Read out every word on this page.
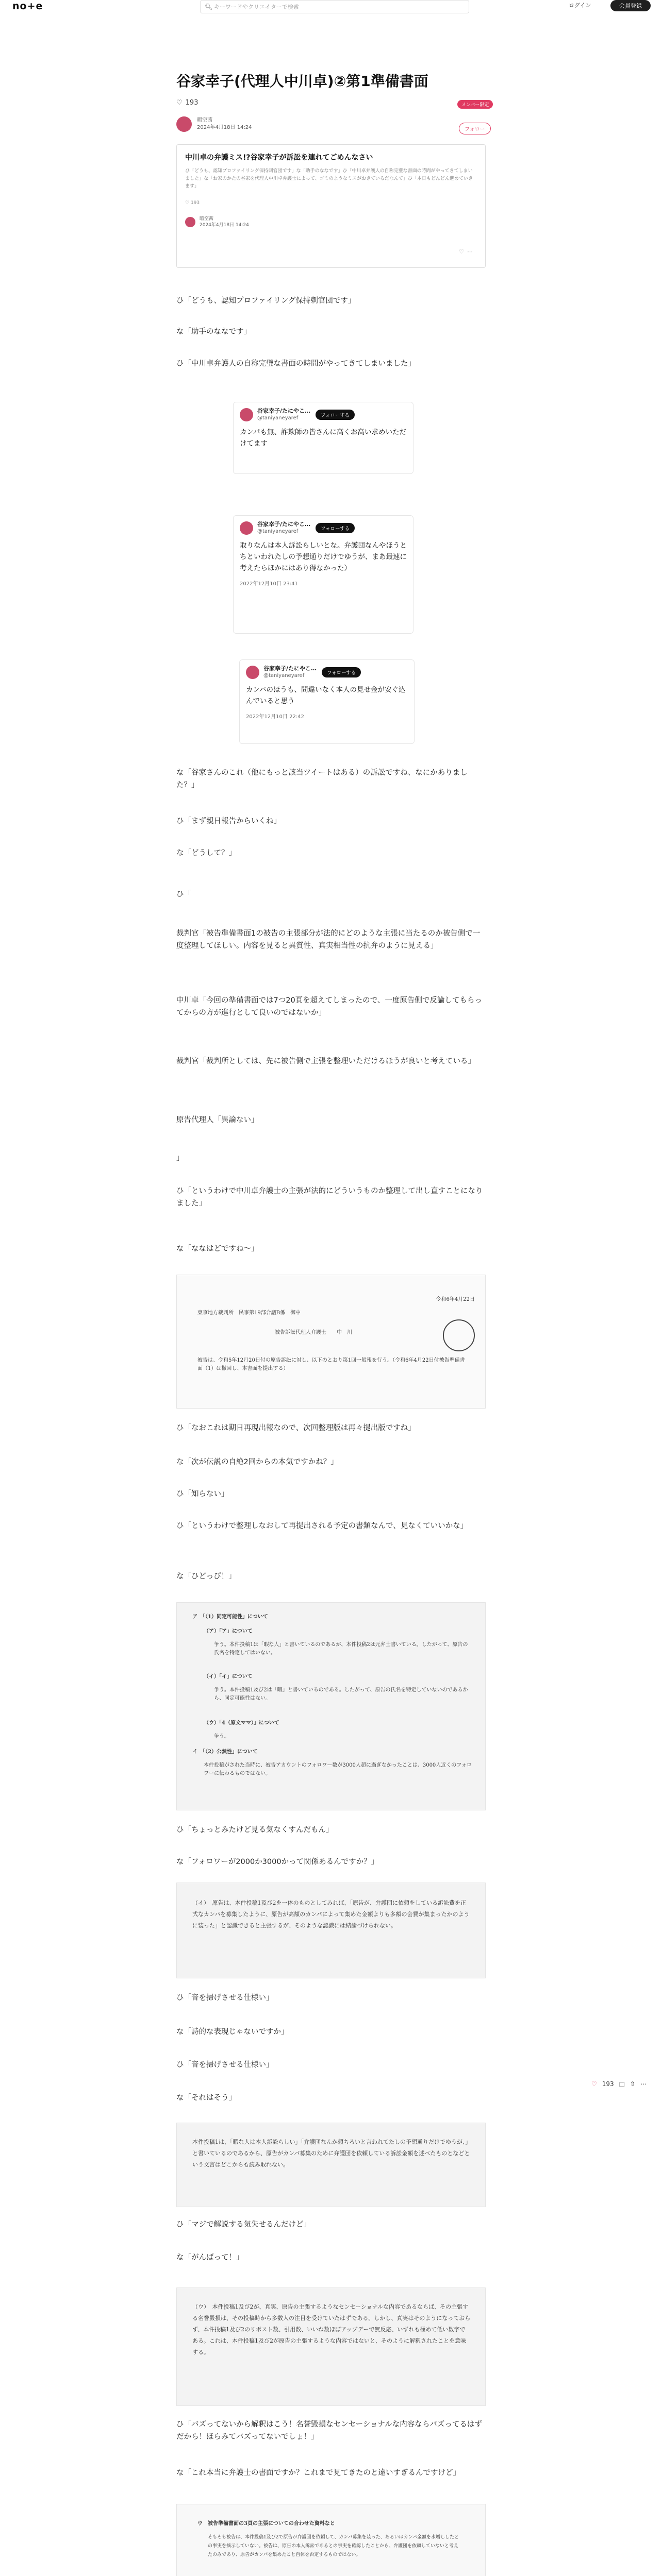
no+e	🔍︎ キーワードやクリエイターで検索	ログイン	会員登録
谷家幸子(代理人中川卓)②第1準備書面
♡ 193	メンバー限定
暇空茜
2024年4月18日 14:24	フォロー
中川卓の弁護ミス!?谷家幸子が訴訟を連れてごめんなさい
ひ「どうも、認知プロファイリング保持刺官団です」な「助手のななです」ひ「中川卓弁護人の自称完璧な書面の時間がやってきてしまいました」な「お家のかたの谷家を代理人中川卓弁護士によって、ゴミのようなミスがおきているだなんて」ひ「本日もどんどん進めていきます」
♡ 193
暇空茜
2024年4月18日 14:24
♡⋯

ひ「どうも、認知プロファイリング保持刺官団です」

な「助手のななです」

ひ「中川卓弁護人の自称完璧な書面の時間がやってきてしまいました」

谷家幸子/たにやこ…
@taniyaneyaref	フォローする
カンパも無、詐欺師の皆さんに高くお高い求めいただけてます
谷家幸子/たにやこ…
@taniyaneyaref	フォローする
取りなんは本人訴訟らしいとな。弁護団なんやほうとちといわれたしの予想通りだけでゆうが、まあ最速に考えたらほかにはあり得なかった）
2022年12月10日 23:41
谷家幸子/たにやこ…
@taniyaneyaref	フォローする
カンパのほうも、問違いなく本人の見せ金が安ぐ込んでいると思う
2022年12月10日 22:42

な「谷家さんのこれ（他にもっと該当ツイートはある）の訴訟ですね、なにかありました？」

ひ「まず親日報告からいくね」

な「どうして？」

ひ「

裁判官「被告準備書面1の被告の主張部分が法的にどのような主張に当たるのか被告側で一度整理してほしい。内容を見ると異質性、真実相当性の抗弁のように見える」

中川卓「今回の準備書面では7つ20頁を超えてしまったので、一度原告側で反論してもらってからの方が進行として良いのではないか」

裁判官「裁判所としては、先に被告側で主張を整理いただけるほうが良いと考えている」

原告代理人「異論ない」

」

ひ「というわけで中川卓弁護士の主張が法的にどういうものか整理して出し直すことになりました」

な「ななはどですね〜」

令和6年4月22日
東京地方裁判所　民事第19部合議B係　御中
被告訴訟代理人弁護士　　中　川
被告は、令和5年12月20日付の原告訴訟に対し、以下のとおり第1回一般報を行う。（令和6年4月22日付被告準備書面（1）は撤回し、本書面を提出する）

ひ「なおこれは期日再現出報なので、次回整理版は再々提出版ですね」

な「次が伝説の自絶2回からの本気ですかね？」

ひ「知らない」

ひ「というわけで整理しなおして再提出される予定の書類なんで、見なくていいかな」

な「ひどっぴ！」

ア　「（1）同定可能性」について
（ア）「ア」について
争う。本件投稿1は「暇な人」と書いているのであるが、本件投稿2は元弁士書いている。したがって、原告の氏名を特定してはいない。
（イ）「イ」について
争う。本件投稿1及び2は「暇」と書いているのである。したがって、原告の氏名を特定していないのであるから、同定可能性はない。
（ウ）「4（原文ママ）」について
争う。
イ　「（2）公然性」について
本件投稿がされた当時に、被告アカウントのフォロワー数が3000人超に過ぎなかったことは、3000人近くのフォロワーに伝わるものではない。

ひ「ちょっとみたけど見る気なくすんだもん」

な「フォロワーが2000か3000かって関係あるんですか？」

（イ）　原告は、本件投稿1及び2を一体のものとしてみれば、「原告が、弁護団に依頼をしている訴訟費を正式なカンパを募集したように、原告が高額のカンパによって集めた金額よりも多額の会費が集まったかのように装った」と認識できると主張するが、そのような認識には結論づけられない。

ひ「音を掃げさせる仕様い」

な「詩的な表現じゃないですか」

ひ「音を掃げさせる仕様い」

な「それはそう」

♡ 193 □ ⇧ ⋯
本件投稿1は、「暇な人は本人訴訟らしい」「弁護団なんか頼ちろいと言われてたしの予想通りだけでゆうが、」と書いているのであるから、原告がカンパ募集のために弁護団を依頼している訴訟金額を述べたものとなどという文言はどこからも読み取れない。

ひ「マジで解説する気失せるんだけど」

な「がんばって！」

（ウ）　本件投稿1及び2が、真実、原告の主張するようなセンセーショナルな内容であるならば、その主張する名誉毀損は、その投稿時から多数人の注目を受けていたはずである。しかし、真実はそのようになっておらず、本件投稿1及び2のリポスト数、引用数、いいね数ほぼアップデーで無反応、いずれも極めて低い数字である。これは、本件投稿1及び2が原告の主張するような内容ではないと、そのように解釈されたことを意味する。

ひ「バズってないから解釈はこう！名誉毀損なセンセーショナルな内容ならバズってるはずだから！ほらみてバズってないでしょ！」

な「これ本当に弁護士の書面ですか？これまで見てきたのと違いすぎるんですけど」

ウ　被告準備書面の3頁の主張についての合わせた資料なと
そもそも被告は、本件投稿1及び2で原告が弁護団を依頼して、カンパ募集を装った、あるいはカンパ金額を水増ししたとの事実を摘示していない。被告は、原告の本人訴訟であるとの事実を確認したことから、弁護団を依頼していないと考えたのみであり、原告がカンパを集めたこと自体を否定するものではない。
